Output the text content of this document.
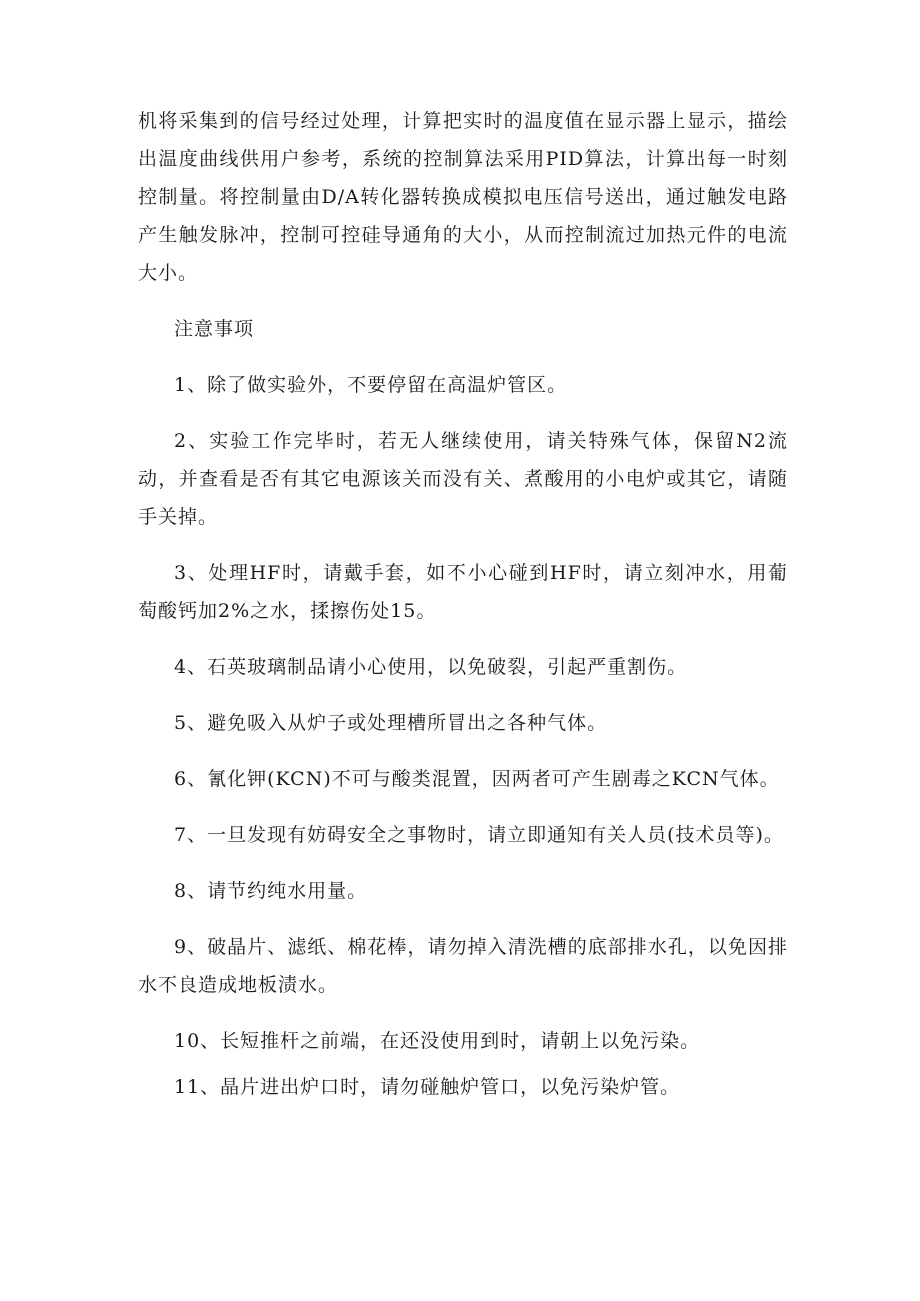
机将采集到的信号经过处理，计算把实时的温度值在显示器上显示，描绘出温度曲线供用户参考，系统的控制算法采用PID算法，计算出每一时刻控制量。将控制量由D/A转化器转换成模拟电压信号送出，通过触发电路产生触发脉冲，控制可控硅导通角的大小，从而控制流过加热元件的电流大小。

注意事项

1、除了做实验外，不要停留在高温炉管区。

2、实验工作完毕时，若无人继续使用，请关特殊气体，保留N2流动，并查看是否有其它电源该关而没有关、煮酸用的小电炉或其它，请随手关掉。

3、处理HF时，请戴手套，如不小心碰到HF时，请立刻冲水，用葡萄酸钙加2%之水，揉擦伤处15。

4、石英玻璃制品请小心使用，以免破裂，引起严重割伤。

5、避免吸入从炉子或处理槽所冒出之各种气体。

6、氰化钾(KCN)不可与酸类混置，因两者可产生剧毒之KCN气体。

7、一旦发现有妨碍安全之事物时，请立即通知有关人员(技术员等)。

8、请节约纯水用量。

9、破晶片、滤纸、棉花棒，请勿掉入清洗槽的底部排水孔，以免因排水不良造成地板渍水。

10、长短推杆之前端，在还没使用到时，请朝上以免污染。

11、晶片进出炉口时，请勿碰触炉管口，以免污染炉管。
